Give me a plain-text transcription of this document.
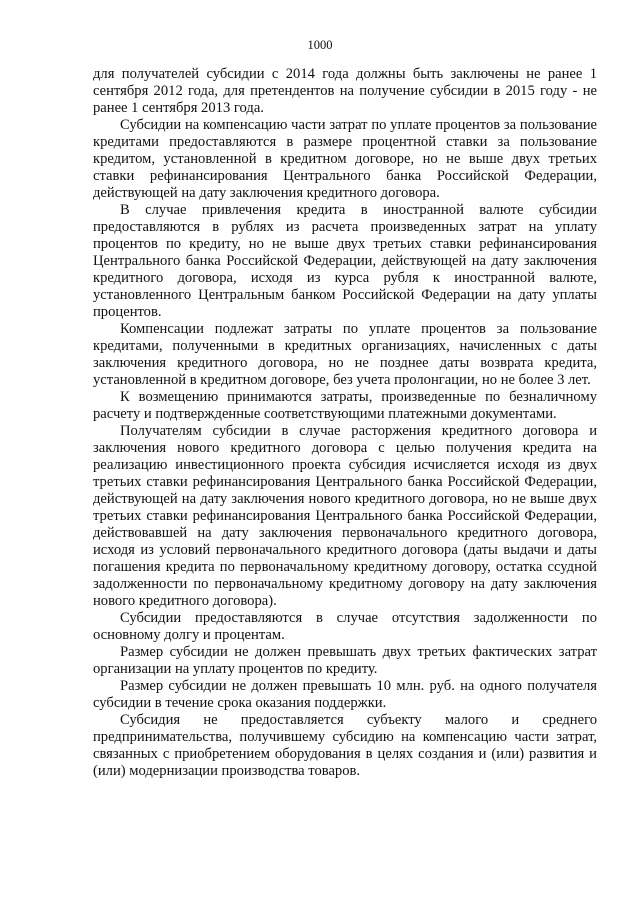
1000

для получателей субсидии с 2014 года должны быть заключены не ранее 1 сентября 2012 года, для претендентов на получение субсидии в 2015 году - не ранее 1 сентября 2013 года.

Субсидии на компенсацию части затрат по уплате процентов за пользование кредитами предоставляются в размере процентной ставки за пользование кредитом, установленной в кредитном договоре, но не выше двух третьих ставки рефинансирования Центрального банка Российской Федерации, действующей на дату заключения кредитного договора.

В случае привлечения кредита в иностранной валюте субсидии предоставляются в рублях из расчета произведенных затрат на уплату процентов по кредиту, но не выше двух третьих ставки рефинансирования Центрального банка Российской Федерации, действующей на дату заключения кредитного договора, исходя из курса рубля к иностранной валюте, установленного Центральным банком Российской Федерации на дату уплаты процентов.

Компенсации подлежат затраты по уплате процентов за пользование кредитами, полученными в кредитных организациях, начисленных с даты заключения кредитного договора, но не позднее даты возврата кредита, установленной в кредитном договоре, без учета пролонгации, но не более 3 лет.

К возмещению принимаются затраты, произведенные по безналичному расчету и подтвержденные соответствующими платежными документами.

Получателям субсидии в случае расторжения кредитного договора и заключения нового кредитного договора с целью получения кредита на реализацию инвестиционного проекта субсидия исчисляется исходя из двух третьих ставки рефинансирования Центрального банка Российской Федерации, действующей на дату заключения нового кредитного договора, но не выше двух третьих ставки рефинансирования Центрального банка Российской Федерации, действовавшей на дату заключения первоначального кредитного договора, исходя из условий первоначального кредитного договора (даты выдачи и даты погашения кредита по первоначальному кредитному договору, остатка ссудной задолженности по первоначальному кредитному договору на дату заключения нового кредитного договора).

Субсидии предоставляются в случае отсутствия задолженности по основному долгу и процентам.

Размер субсидии не должен превышать двух третьих фактических затрат организации на уплату процентов по кредиту.

Размер субсидии не должен превышать 10 млн. руб. на одного получателя субсидии в течение срока оказания поддержки.

Субсидия не предоставляется субъекту малого и среднего предпринимательства, получившему субсидию на компенсацию части затрат, связанных с приобретением оборудования в целях создания и (или) развития и (или) модернизации производства товаров.
